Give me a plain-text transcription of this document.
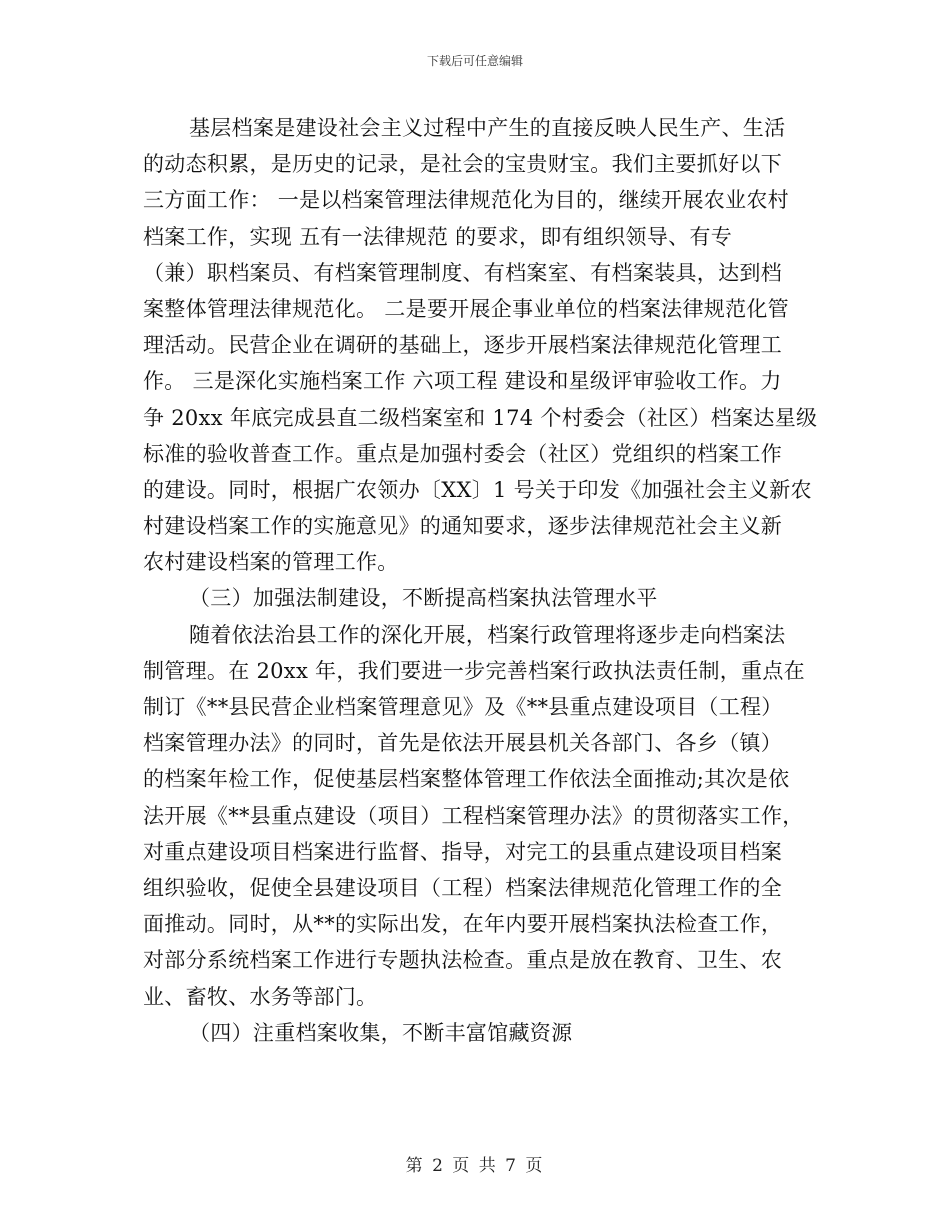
下载后可任意编辑
基层档案是建设社会主义过程中产生的直接反映人民生产、生活
的动态积累，是历史的记录，是社会的宝贵财宝。我们主要抓好以下
三方面工作： 一是以档案管理法律规范化为目的，继续开展农业农村
档案工作，实现 五有一法律规范 的要求，即有组织领导、有专
（兼）职档案员、有档案管理制度、有档案室、有档案装具，达到档
案整体管理法律规范化。 二是要开展企事业单位的档案法律规范化管
理活动。民营企业在调研的基础上，逐步开展档案法律规范化管理工
作。 三是深化实施档案工作 六项工程 建设和星级评审验收工作。力
争 20xx 年底完成县直二级档案室和 174 个村委会（社区）档案达星级
标准的验收普查工作。重点是加强村委会（社区）党组织的档案工作
的建设。同时，根据广农领办〔XX〕1 号关于印发《加强社会主义新农
村建设档案工作的实施意见》的通知要求，逐步法律规范社会主义新
农村建设档案的管理工作。
（三）加强法制建设，不断提高档案执法管理水平
随着依法治县工作的深化开展，档案行政管理将逐步走向档案法
制管理。在 20xx 年，我们要进一步完善档案行政执法责任制，重点在
制订《**县民营企业档案管理意见》及《**县重点建设项目（工程）
档案管理办法》的同时，首先是依法开展县机关各部门、各乡（镇）
的档案年检工作，促使基层档案整体管理工作依法全面推动;其次是依
法开展《**县重点建设（项目）工程档案管理办法》的贯彻落实工作，
对重点建设项目档案进行监督、指导，对完工的县重点建设项目档案
组织验收，促使全县建设项目（工程）档案法律规范化管理工作的全
面推动。同时，从**的实际出发，在年内要开展档案执法检查工作，
对部分系统档案工作进行专题执法检查。重点是放在教育、卫生、农
业、畜牧、水务等部门。
（四）注重档案收集，不断丰富馆藏资源
第 2 页 共 7 页
